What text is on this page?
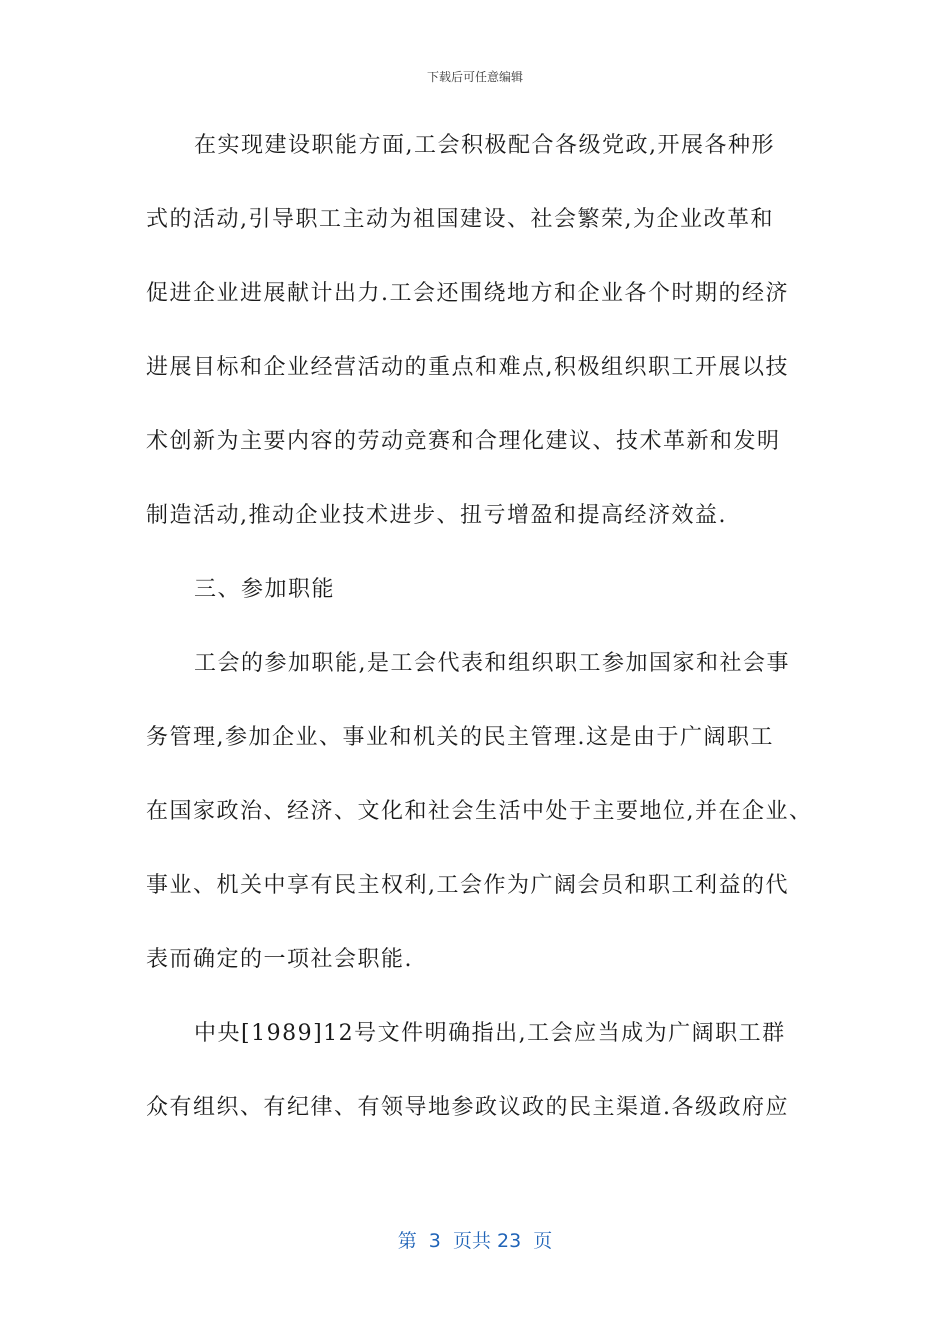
下载后可任意编辑
在实现建设职能方面,工会积极配合各级党政,开展各种形
式的活动,引导职工主动为祖国建设、社会繁荣,为企业改革和
促进企业进展献计出力.工会还围绕地方和企业各个时期的经济
进展目标和企业经营活动的重点和难点,积极组织职工开展以技
术创新为主要内容的劳动竞赛和合理化建议、技术革新和发明
制造活动,推动企业技术进步、扭亏增盈和提高经济效益.
三、参加职能
工会的参加职能,是工会代表和组织职工参加国家和社会事
务管理,参加企业、事业和机关的民主管理.这是由于广阔职工
在国家政治、经济、文化和社会生活中处于主要地位,并在企业、
事业、机关中享有民主权利,工会作为广阔会员和职工利益的代
表而确定的一项社会职能.
中央[1989]12号文件明确指出,工会应当成为广阔职工群
众有组织、有纪律、有领导地参政议政的民主渠道.各级政府应
第  3  页共 23  页
